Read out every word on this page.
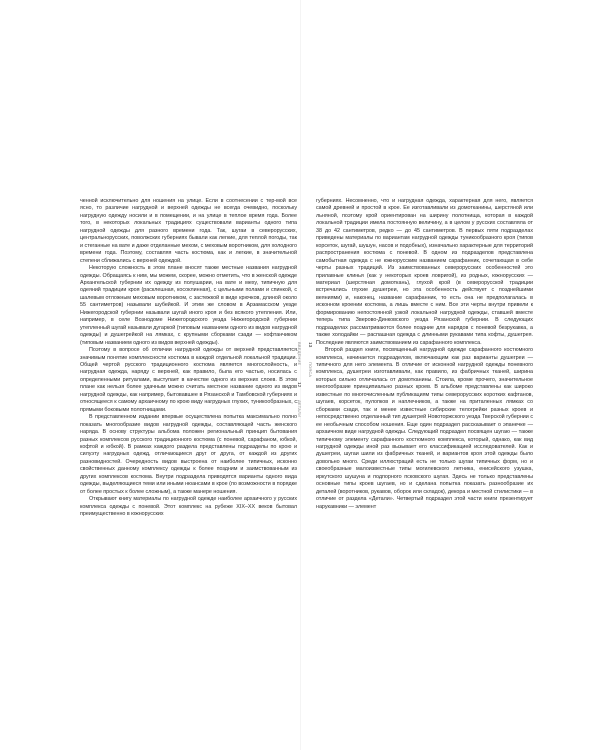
ченной исключительно для ношения на улице. Если в соотнесении с тер-мой все ясно, то различие нагрудной и верхней одежды не всегда очевидно, поскольку нагрудную одежду носили и в помещении, и на улице в теплое время года. Более того, в некоторых локальных традициях существовали варианты одного типа нагрудной одежды для разного времени года. Так, шугаи в северорусских, центральнорусских, поволжских губерниях бывали как легкие, для теплой погоды, так и стеганные на вате и даже отделанные мехом, с меховым воротником, для холодного времени года. Поэтому, составляя часть костюма, как и легкие, в значительной степени сближались с верхней одеждой.

Некоторую сложность в этом плане вносят также местные названия нагрудной одежды. Обращаясь к ним, мы можем, скорее, можно отметить, что в женской одежде Архангельской губернии их одежду из полушарии, на вате и меху, типичную для одеяний традиции кроя (расклешная, косоклинная), с цельными полами и спинкой, с шалевым отложным меховым воротником, с застежкой в виде крючков, длиной около 55 сантиметров) называли шубейкой. И этим же словом в Арзамасском уезде Нижегородской губернии называли шугай иного кроя и без всякого утепления. Или, например, в селе Вознодоме Нижегородского уезда Нижегородской губернии утепленный шугай называли дугаркой (типовым названием одного из видов нагрудной одежды) и душегрейкой на лямках, с крупными сборками сзади — кофтанчиком (типовым названием одного из видов верхней одежды).

Поэтому в вопросе об отличии нагрудной одежды от верхней представляется значимым понятие комплексности костюма в каждой отдельной локальной традиции. Общей чертой русского традиционного костюма является многослойность, и нагрудная одежда, наряду с верхней, как правило, была его частью, носилась с определенными ритуалами, выступает в качестве одного из верхних слоев. В этом плане как нельзя более удачным можно считать местное название одного из видов нагрудной одежды, как например, бытовавшее в Рязанской и Тамбовской губерниях и относящееся к самому архаичному по крою виду нагрудных глухих, туникообразных, с прямыми боковыми полотнищами.

В представленном издании впервые осуществлена попытка максимально полно показать многообразие видов нагрудной одежды, составляющей часть женского наряда. В основу структуры альбома положен региональный принцип бытования разных комплексов русского традиционного костюма (с поневой, сарафаном, юбкой, кофтой и юбкой). В рамках каждого раздела представлены подразделы по крою и силуэту нагрудных одежд, отличающиеся друг от друга, от каждой из других разновидностей. Очередность видов выстроена от наиболее типичных, исконно свойственных данному комплексу одежды к более поздним и заимствованным из других комплексов костюма. Внутри подраздела приводятся варианты одного вида одежды, выделяющиеся теми или иными нюансами в крое (по возможности в порядке от более простых к более сложным), а также манере ношения.

Открывают книгу материалы по нагрудной одежде наиболее архаичного у русских комплекса одежды с поневой. Этот комплекс на рубеже XIX–XX веков бытовал преимущественно в южнорусских

ВВЕДЕНИЕ
12
ДЕТАЛИ
13
ПОЯСА

губерниях. Несомненно, что и нагрудная одежда, характерная для него, является самой древней и простой в крое. Ее изготавливали из домотканины, шерстяной или льняной, поэтому крой ориентирован на ширину полотнища, которая в каждой локальной традиции имела постоянную величину, а в целом у русских составляла от 38 до 42 сантиметров, редко — до 45 сантиметров. В первых пяти подразделах приведены материалы по вариантам нагрудной одежды туникообразного кроя (типов корсеток, шугай, шушун, насов и подобных), изначально характерные для территорий распространения костюма с поневой. В одном из подразделов представлена самобытная одежда с не южнорусским названием сарафанник, сочетающая в себе черты разных традиций. Из заимствованных северорусских особенностей это прилавные клинья (как у некоторых кроев ловригой), из родных, южнорусских — материал (шерстяная домоткань), глухой крой (в северорусской традиции встречались глухие душегреи, но эта особенность действует с позднейшими веяниями) и, наконец, название сарафанник, то есть она не предполагалась в исконном кроении костюма, а лишь вместе с ним. Все эти черты внутри привели к формированию непостоянной узкой локальной нагрудной одежды, ставшей вместе теперь типа Зверово-Динковского уезда Рязанской губернии. В следующих подразделах рассматриваются более поздние для нарядов с поневой безрукавка, а также холодайки — распашная одежда с длинными рукавами типа кофты, душегрея. Последние являются заимствованием из сарафанного комплекса.

Второй раздел книги, посвященный нагрудной одежде сарафанного костюмного комплекса, начинается подразделом, включающим как раз варианты душегреи — типичного для него элемента. В отличие от исконной нагрудной одежды поневного комплекса, душегреи изготавливали, как правило, из фабричных тканей, ширина которых сильно отличалась от домотканины. Стоила, кроме прочего, значительное многообразие принципиально разных кроев. В альбоме представлены как широко известные по многочисленным публикациям типы северорусских коротких кафтанов, шугаев, корсеток, пулопков и наплечников, а также на приталенных лямках со сборками сзади, так и менее известные сибирские телогрейки разных кроев и непосредственно отделанный тип душегрей Новоторжского уезда Тверской губернии с ее необычным способом ношения. Еще один подраздел рассказывает о эпанечке — архаичном виде нагрудной одежды. Следующий подраздел посвящен шугаю — также типичному элементу сарафанного костюмного комплекса, который, однако, как вид нагрудной одежды иной раз вызывает его классификацией исследователей. Как и душегреи, шугаи шили из фабричных тканей, и вариантов кроя этой одежды было довольно много. Среди иллюстраций есть не только шугаи типичных форм, но и своеобразные малоизвестные типы могилевского летника, енисейского узушка, иркутского шушуна и подпорного псковского шугая. Здесь не только представлены основные типы кроев шугаев, но и сделана попытка показать разнообразие их деталей (воротников, рукавов, оборок или складок), декора и местной стилистики — в отличие от раздела «Детали». Четвертый подраздел этой части книги презентирует нарукавники — элемент
